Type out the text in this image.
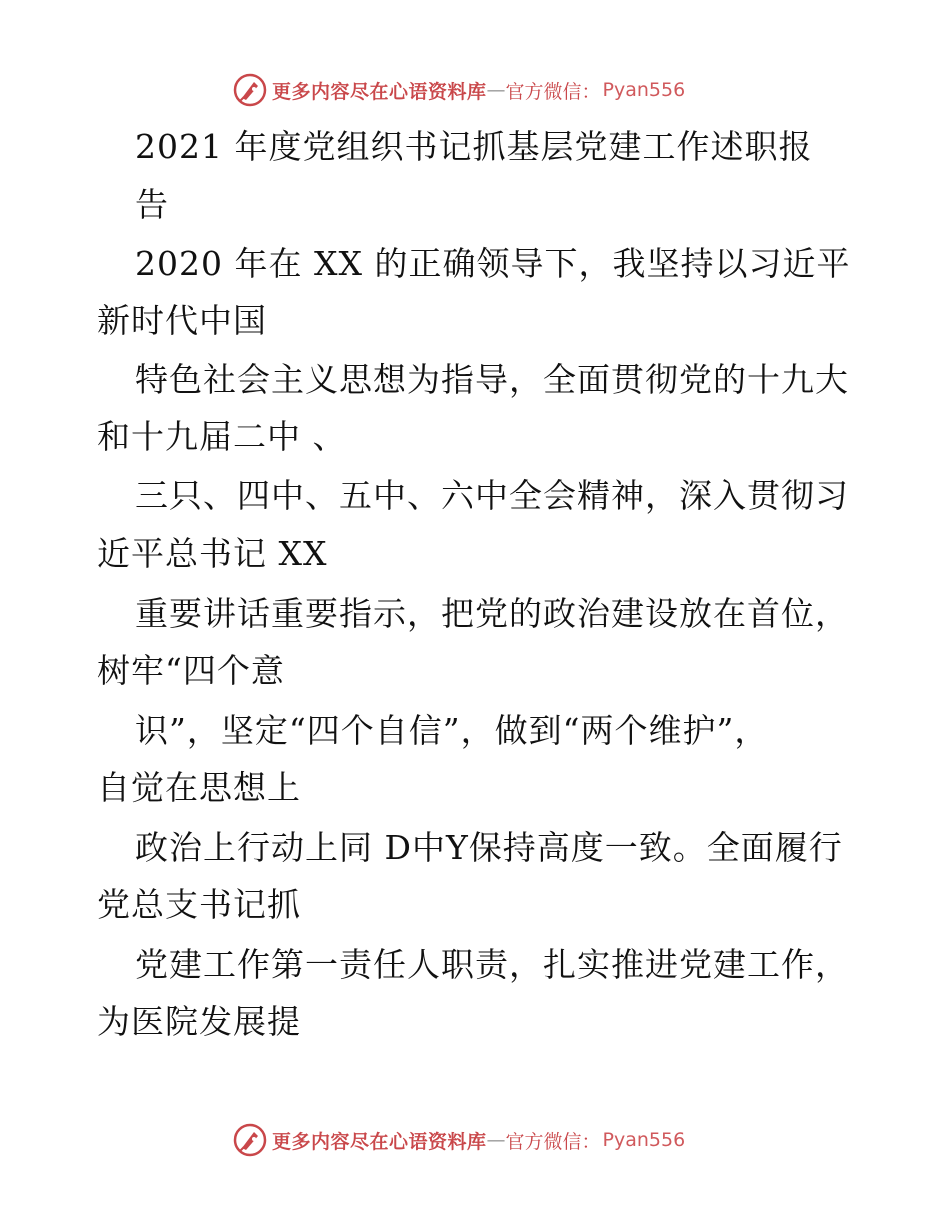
更多内容尽在心语资料库 — 官方微信： Pyan556
2021 年度党组织书记抓基层党建工作述职报
告
2020 年在 XX 的正确领导下，我坚持以习近平
新时代中国
特色社会主义思想为指导，全面贯彻党的十九大
和十九届二中 、
三只、四中、五中、六中全会精神，深入贯彻习
近平总书记 XX
重要讲话重要指示，把党的政治建设放在首位，
树牢“四个意
识”，坚定“四个自信”，做到“两个维护”，
自觉在思想上
政治上行动上同 D中Y保持高度一致。全面履行
党总支书记抓
党建工作第一责任人职责，扎实推进党建工作，
为医院发展提
更多内容尽在心语资料库 — 官方微信： Pyan556
